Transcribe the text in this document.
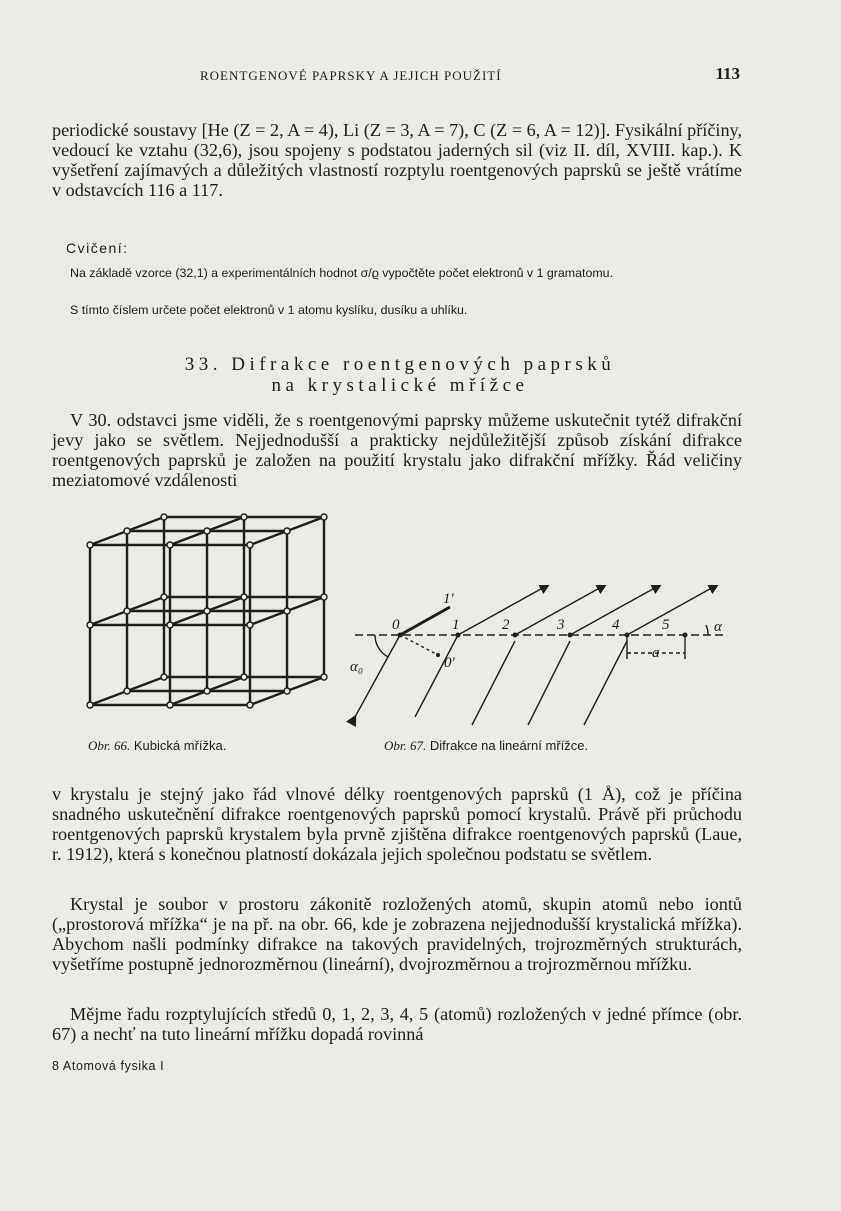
ROENTGENOVÉ PAPRSKY A JEJICH POUŽITÍ	113
periodické soustavy [He (Z = 2, A = 4), Li (Z = 3, A = 7), C (Z = 6, A = 12)]. Fysikální příčiny, vedoucí ke vztahu (32,6), jsou spojeny s podstatou jaderných sil (viz II. díl, XVIII. kap.). K vyšetření zajímavých a důležitých vlastností rozptylu roentgenových paprsků se ještě vrátíme v odstavcích 116 a 117.
Cvičení:
Na základě vzorce (32,1) a experimentálních hodnot σ/ϱ vypočtěte počet elektronů v 1 gramatomu.
S tímto číslem určete počet elektronů v 1 atomu kyslíku, dusíku a uhlíku.
33. Difrakce roentgenových paprsků
na krystalické mřížce
V 30. odstavci jsme viděli, že s roentgenovými paprsky můžeme uskutečnit tytéž difrakční jevy jako se světlem. Nejjednodušší a prakticky nejdůležitější způsob získání difrakce roentgenových paprsků je založen na použití krystalu jako difrakční mřížky. Řád veličiny meziatomové vzdálenosti
0	1	2	3	4	5
1'
0'
α₀
α
a
Obr. 66. Kubická mřížka.	Obr. 67. Difrakce na lineární mřížce.
v krystalu je stejný jako řád vlnové délky roentgenových paprsků (1 Å), což je příčina snadného uskutečnění difrakce roentgenových paprsků pomocí krystalů. Právě při průchodu roentgenových paprsků krystalem byla prvně zjištěna difrakce roentgenových paprsků (Laue, r. 1912), která s konečnou platností dokázala jejich společnou podstatu se světlem.
Krystal je soubor v prostoru zákonitě rozložených atomů, skupin atomů nebo iontů („prostorová mřížka“ je na př. na obr. 66, kde je zobrazena nejjednodušší krystalická mřížka). Abychom našli podmínky difrakce na takových pravidelných, trojrozměrných strukturách, vyšetříme postupně jednorozměrnou (lineární), dvojrozměrnou a trojrozměrnou mřížku.
Mějme řadu rozptylujících středů 0, 1, 2, 3, 4, 5 (atomů) rozložených v jedné přímce (obr. 67) a nechť na tuto lineární mřížku dopadá rovinná
8 Atomová fysika I
